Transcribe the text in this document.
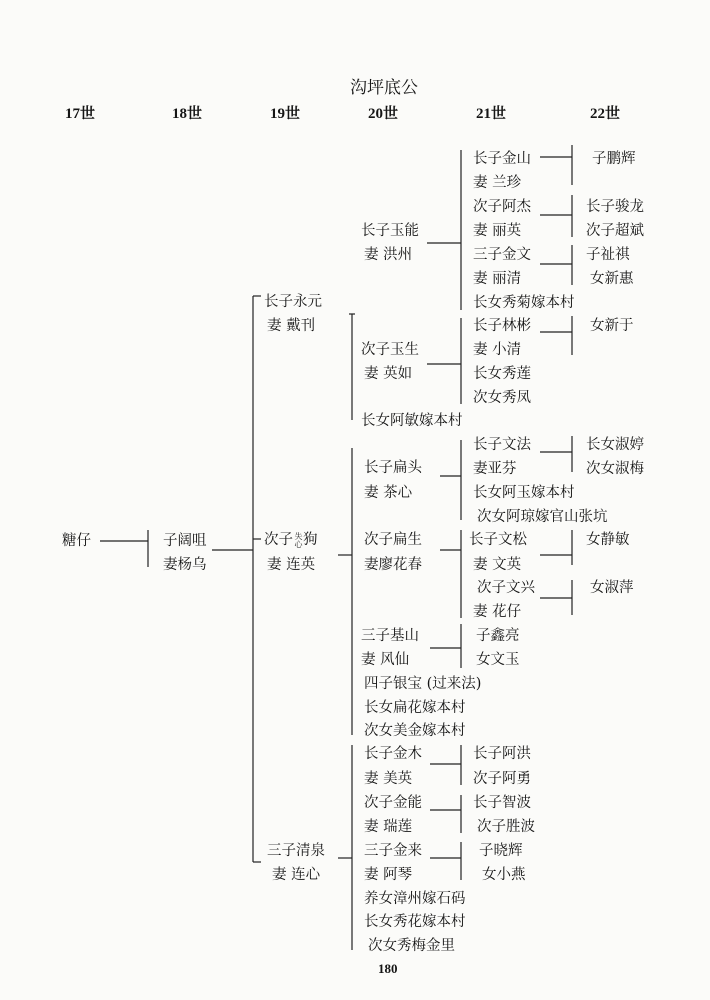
沟坪底公
17世	18世	19世	20世	21世	22世
糖仔	子阔咀
妻杨乌
长子永元
妻 戴刊
次子失心狗
妻 连英
三子清泉
妻 连心
长子玉能
妻 洪州
次子玉生
妻 英如
长女阿敏嫁本村
长子扁头
妻 茶心
次子扁生
妻廖花春
三子基山
妻 风仙
四子银宝 (过来法)
长女扁花嫁本村
次女美金嫁本村
长子金木
妻 美英
次子金能
妻 瑞莲
三子金来
妻 阿琴
养女漳州嫁石码
长女秀花嫁本村
次女秀梅金里
长子金山
妻 兰珍
次子阿杰
妻 丽英
三子金文
妻 丽清
长女秀菊嫁本村
长子林彬
妻 小清
长女秀莲
次女秀凤
长子文法
妻亚芬
长女阿玉嫁本村
次女阿琼嫁官山张坑
长子文松
妻 文英
次子文兴
妻 花仔
子鑫亮
女文玉
长子阿洪
次子阿勇
长子智波
次子胜波
子晓辉
女小燕
子鹏辉
长子骏龙
次子超斌
子祉祺
女新惠
女新于
长女淑婷
次女淑梅
女静敏
女淑萍
180
